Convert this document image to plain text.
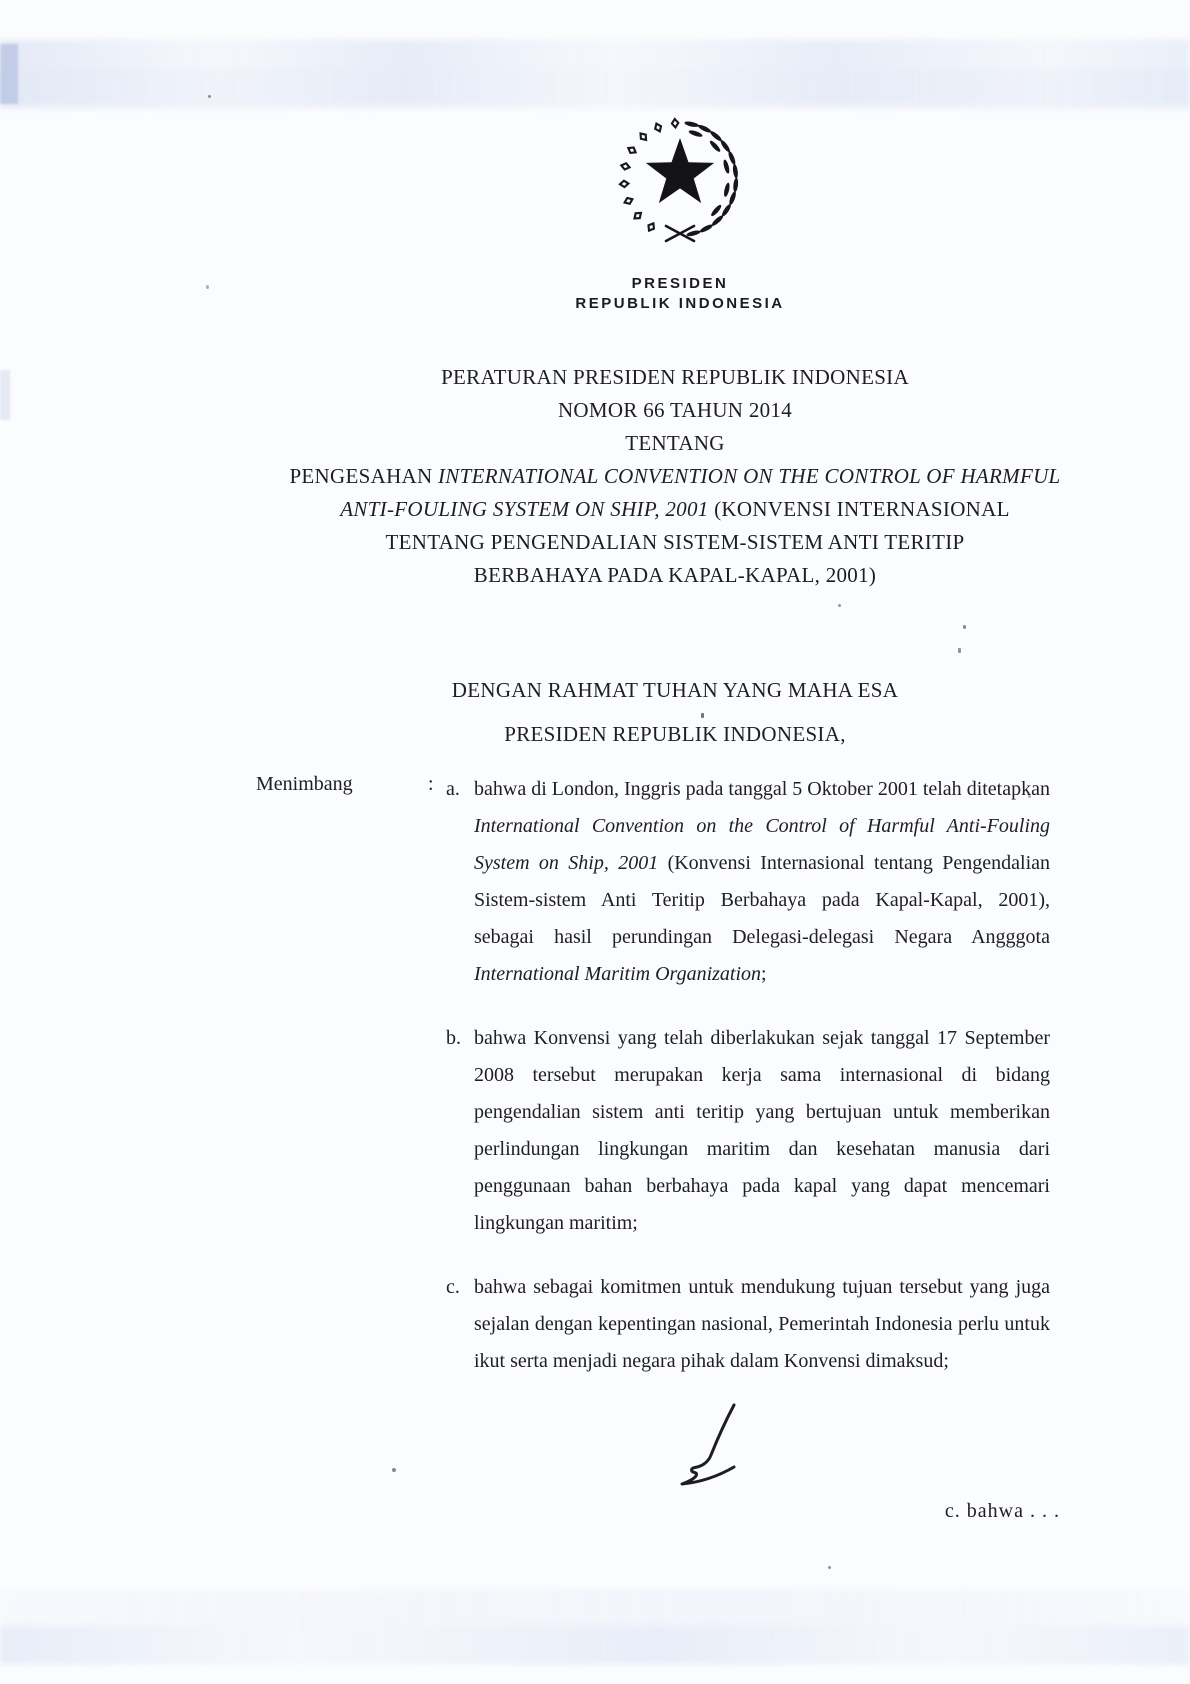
PRESIDEN
REPUBLIK INDONESIA
PERATURAN PRESIDEN REPUBLIK INDONESIA
NOMOR 66 TAHUN 2014
TENTANG
PENGESAHAN INTERNATIONAL CONVENTION ON THE CONTROL OF HARMFUL
ANTI-FOULING SYSTEM ON SHIP, 2001 (KONVENSI INTERNASIONAL
TENTANG PENGENDALIAN SISTEM-SISTEM ANTI TERITIP
BERBAHAYA PADA KAPAL-KAPAL, 2001)
DENGAN RAHMAT TUHAN YANG MAHA ESA
PRESIDEN REPUBLIK INDONESIA,
Menimbang	: a. bahwa di London, Inggris pada tanggal 5 Oktober 2001 telah ditetapkan International Convention on the Control of Harmful Anti-Fouling System on Ship, 2001 (Konvensi Internasional tentang Pengendalian Sistem-sistem Anti Teritip Berbahaya pada Kapal-Kapal, 2001), sebagai hasil perundingan Delegasi-delegasi Negara Angggota International Maritim Organization;
b. bahwa Konvensi yang telah diberlakukan sejak tanggal 17 September 2008 tersebut merupakan kerja sama internasional di bidang pengendalian sistem anti teritip yang bertujuan untuk memberikan perlindungan lingkungan maritim dan kesehatan manusia dari penggunaan bahan berbahaya pada kapal yang dapat mencemari lingkungan maritim;
c. bahwa sebagai komitmen untuk mendukung tujuan tersebut yang juga sejalan dengan kepentingan nasional, Pemerintah Indonesia perlu untuk ikut serta menjadi negara pihak dalam Konvensi dimaksud;
c. bahwa . . .
